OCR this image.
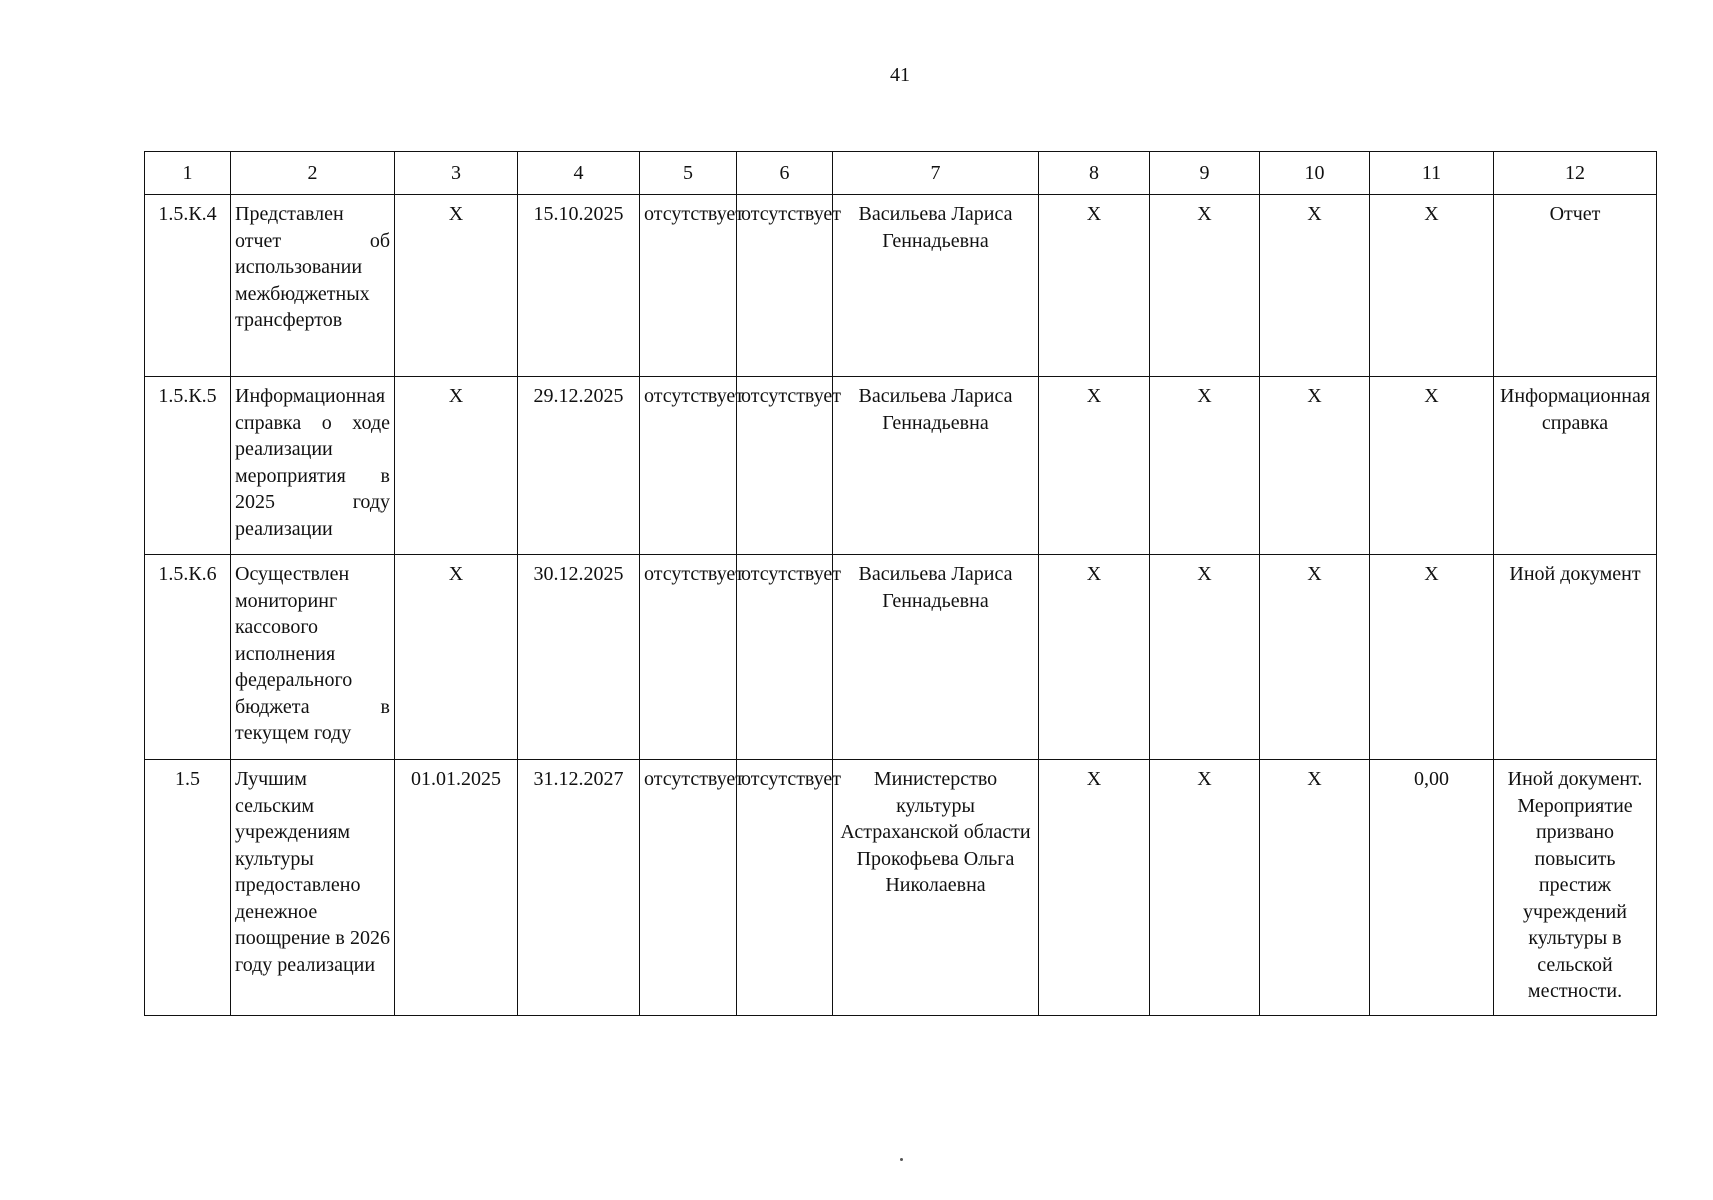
41
1	2	3	4	5	6	7	8	9	10	11	12
1.5.К.4	Представлен отчет об использовании межбюджетных трансфертов	X	15.10.2025	отсутствует	отсутствует	Васильева Лариса Геннадьевна	X	X	X	X	Отчет
1.5.К.5	Информационная справка о ходе реализации мероприятия в 2025 году реализации	X	29.12.2025	отсутствует	отсутствует	Васильева Лариса Геннадьевна	X	X	X	X	Информационная справка
1.5.К.6	Осуществлен мониторинг кассового исполнения федерального бюджета в текущем году	X	30.12.2025	отсутствует	отсутствует	Васильева Лариса Геннадьевна	X	X	X	X	Иной документ
1.5	Лучшим сельским учреждениям культуры предоставлено денежное поощрение в 2026 году реализации	01.01.2025	31.12.2027	отсутствует	отсутствует	Министерство культуры Астраханской области Прокофьева Ольга Николаевна	X	X	X	0,00	Иной документ. Мероприятие призвано повысить престиж учреждений культуры в сельской местности.
